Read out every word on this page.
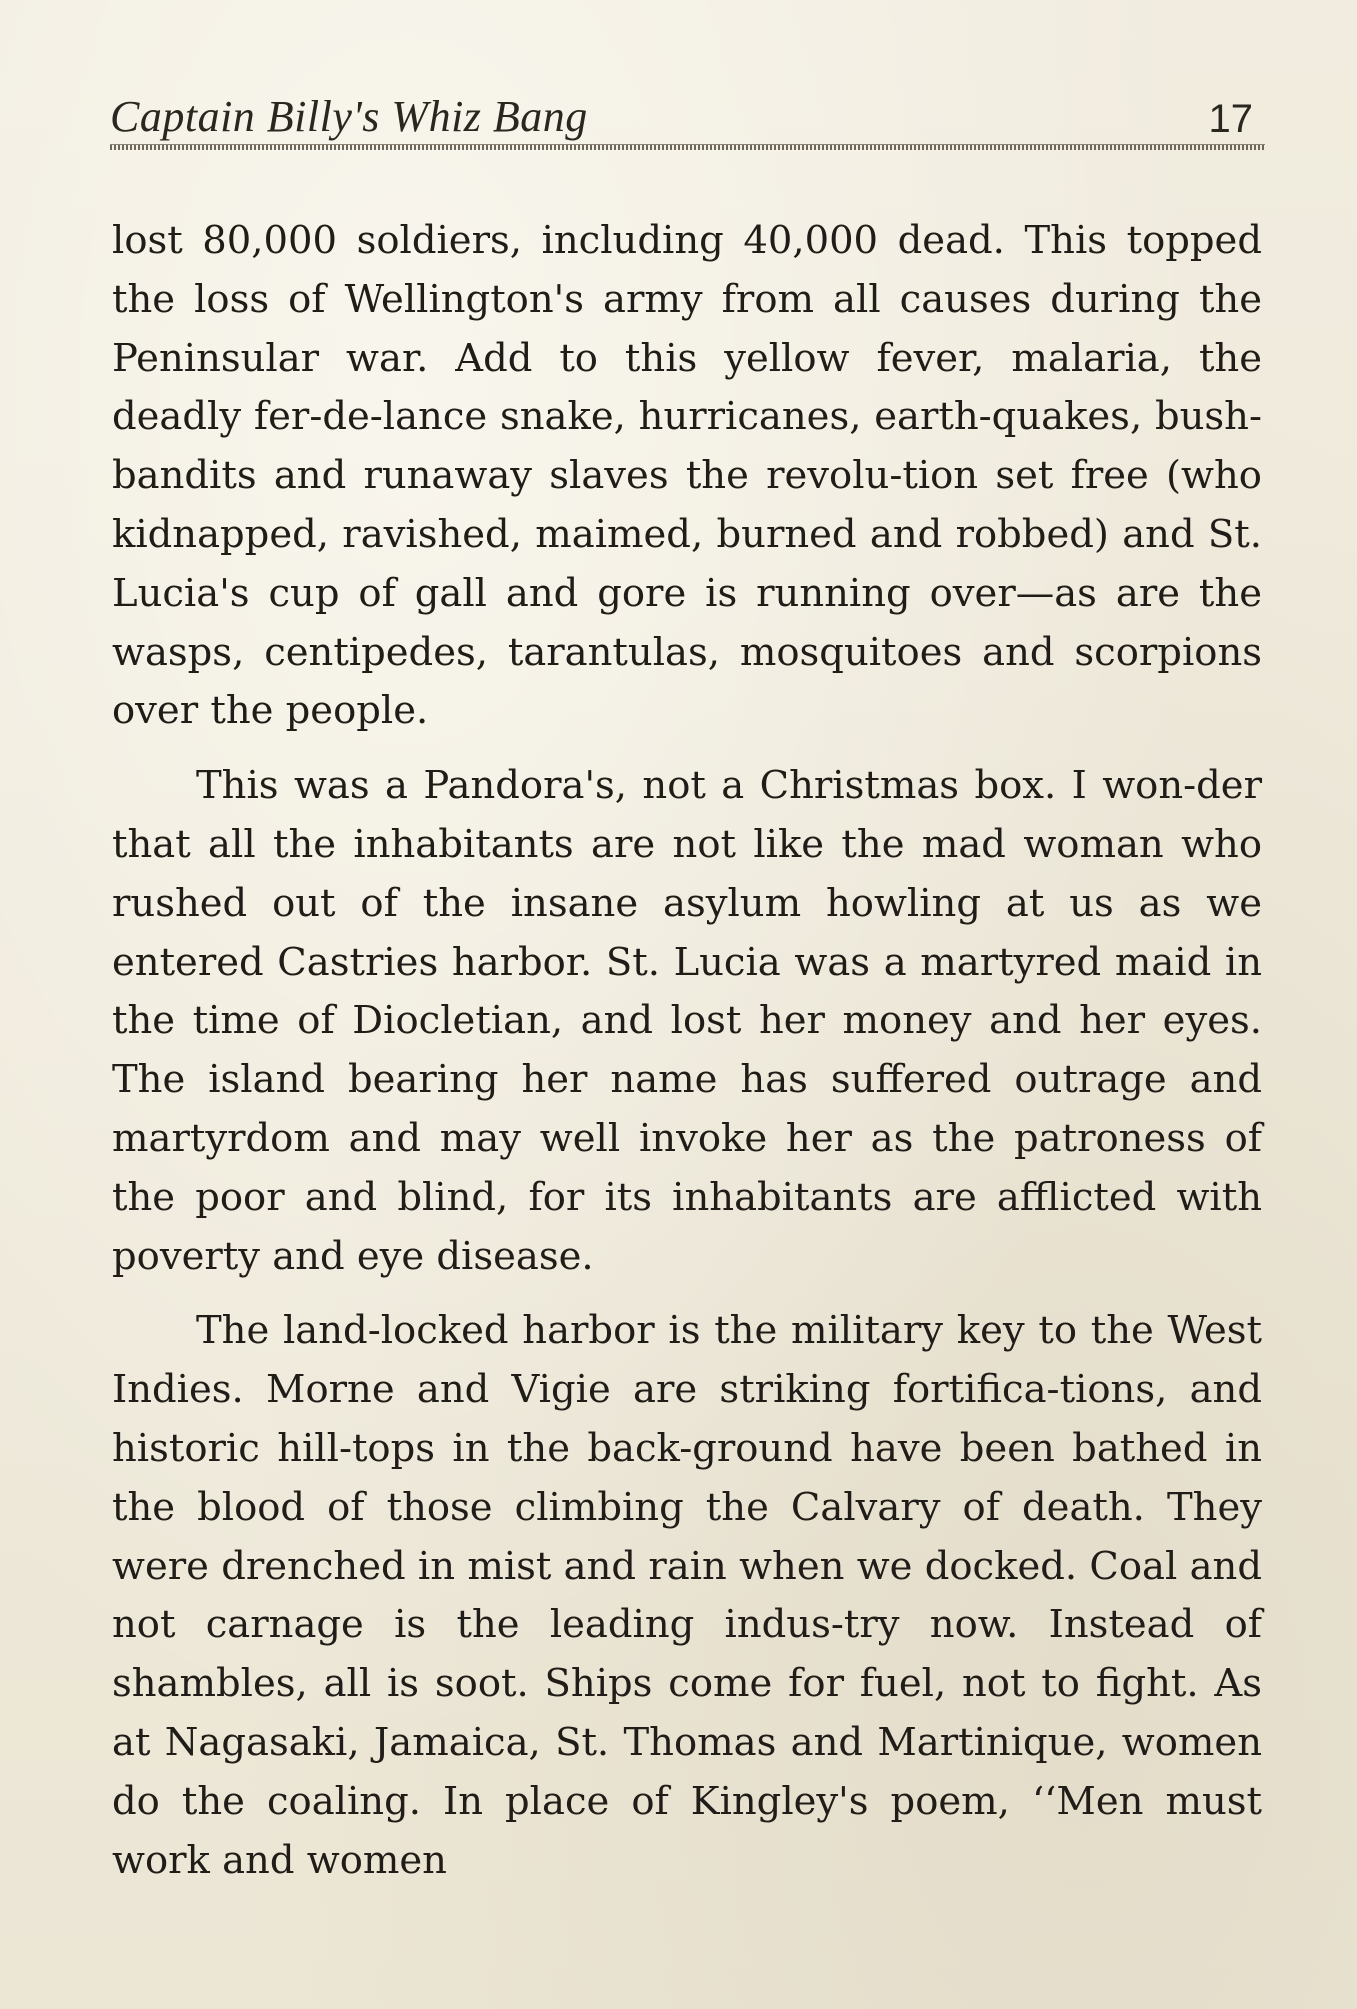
Captain Billy's Whiz Bang	17

lost 80,000 soldiers, including 40,000 dead. This topped the loss of Wellington's army from all causes during the Peninsular war. Add to this yellow fever, malaria, the deadly fer-de-lance snake, hurricanes, earth-quakes, bush-bandits and runaway slaves the revolu-tion set free (who kidnapped, ravished, maimed, burned and robbed) and St. Lucia's cup of gall and gore is running over—as are the wasps, centipedes, tarantulas, mosquitoes and scorpions over the people.

This was a Pandora's, not a Christmas box. I won-der that all the inhabitants are not like the mad woman who rushed out of the insane asylum howling at us as we entered Castries harbor. St. Lucia was a martyred maid in the time of Diocletian, and lost her money and her eyes. The island bearing her name has suffered outrage and martyrdom and may well invoke her as the patroness of the poor and blind, for its inhabitants are afflicted with poverty and eye disease.

The land-locked harbor is the military key to the West Indies. Morne and Vigie are striking fortifica-tions, and historic hill-tops in the back-ground have been bathed in the blood of those climbing the Calvary of death. They were drenched in mist and rain when we docked. Coal and not carnage is the leading indus-try now. Instead of shambles, all is soot. Ships come for fuel, not to fight. As at Nagasaki, Jamaica, St. Thomas and Martinique, women do the coaling. In place of Kingley's poem, ‘‘Men must work and women
